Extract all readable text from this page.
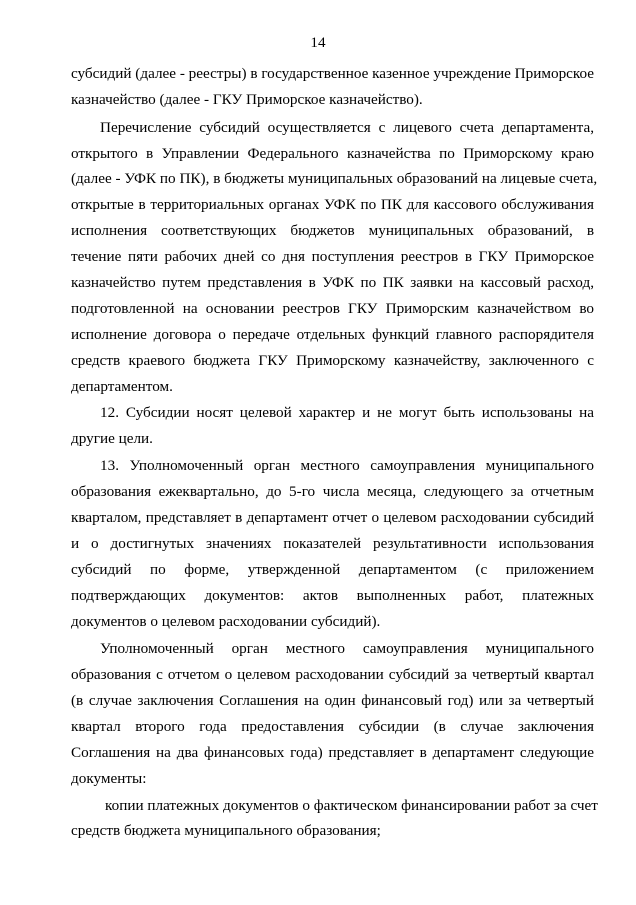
14
субсидий (далее - реестры) в государственное казенное учреждение Приморское
казначейство (далее - ГКУ Приморское казначейство).
Перечисление субсидий осуществляется с лицевого счета департамента,
открытого в Управлении Федерального казначейства по Приморскому краю
(далее - УФК по ПК), в бюджеты муниципальных образований на лицевые счета,
открытые в территориальных органах УФК по ПК для кассового обслуживания
исполнения соответствующих бюджетов муниципальных образований, в
течение пяти рабочих дней со дня поступления реестров в ГКУ Приморское
казначейство путем представления в УФК по ПК заявки на кассовый расход,
подготовленной на основании реестров ГКУ Приморским казначейством во
исполнение договора о передаче отдельных функций главного распорядителя
средств краевого бюджета ГКУ Приморскому казначейству, заключенного с
департаментом.
12. Субсидии носят целевой характер и не могут быть использованы на
другие цели.
13. Уполномоченный орган местного самоуправления муниципального
образования ежеквартально, до 5-го числа месяца, следующего за отчетным
кварталом, представляет в департамент отчет о целевом расходовании субсидий
и о достигнутых значениях показателей результативности использования
субсидий по форме, утвержденной департаментом (с приложением
подтверждающих документов: актов выполненных работ, платежных
документов о целевом расходовании субсидий).
Уполномоченный орган местного самоуправления муниципального
образования с отчетом о целевом расходовании субсидий за четвертый квартал
(в случае заключения Соглашения на один финансовый год) или за четвертый
квартал второго года предоставления субсидии (в случае заключения
Соглашения на два финансовых года) представляет в департамент следующие
документы:
копии платежных документов о фактическом финансировании работ за счет
средств бюджета муниципального образования;
